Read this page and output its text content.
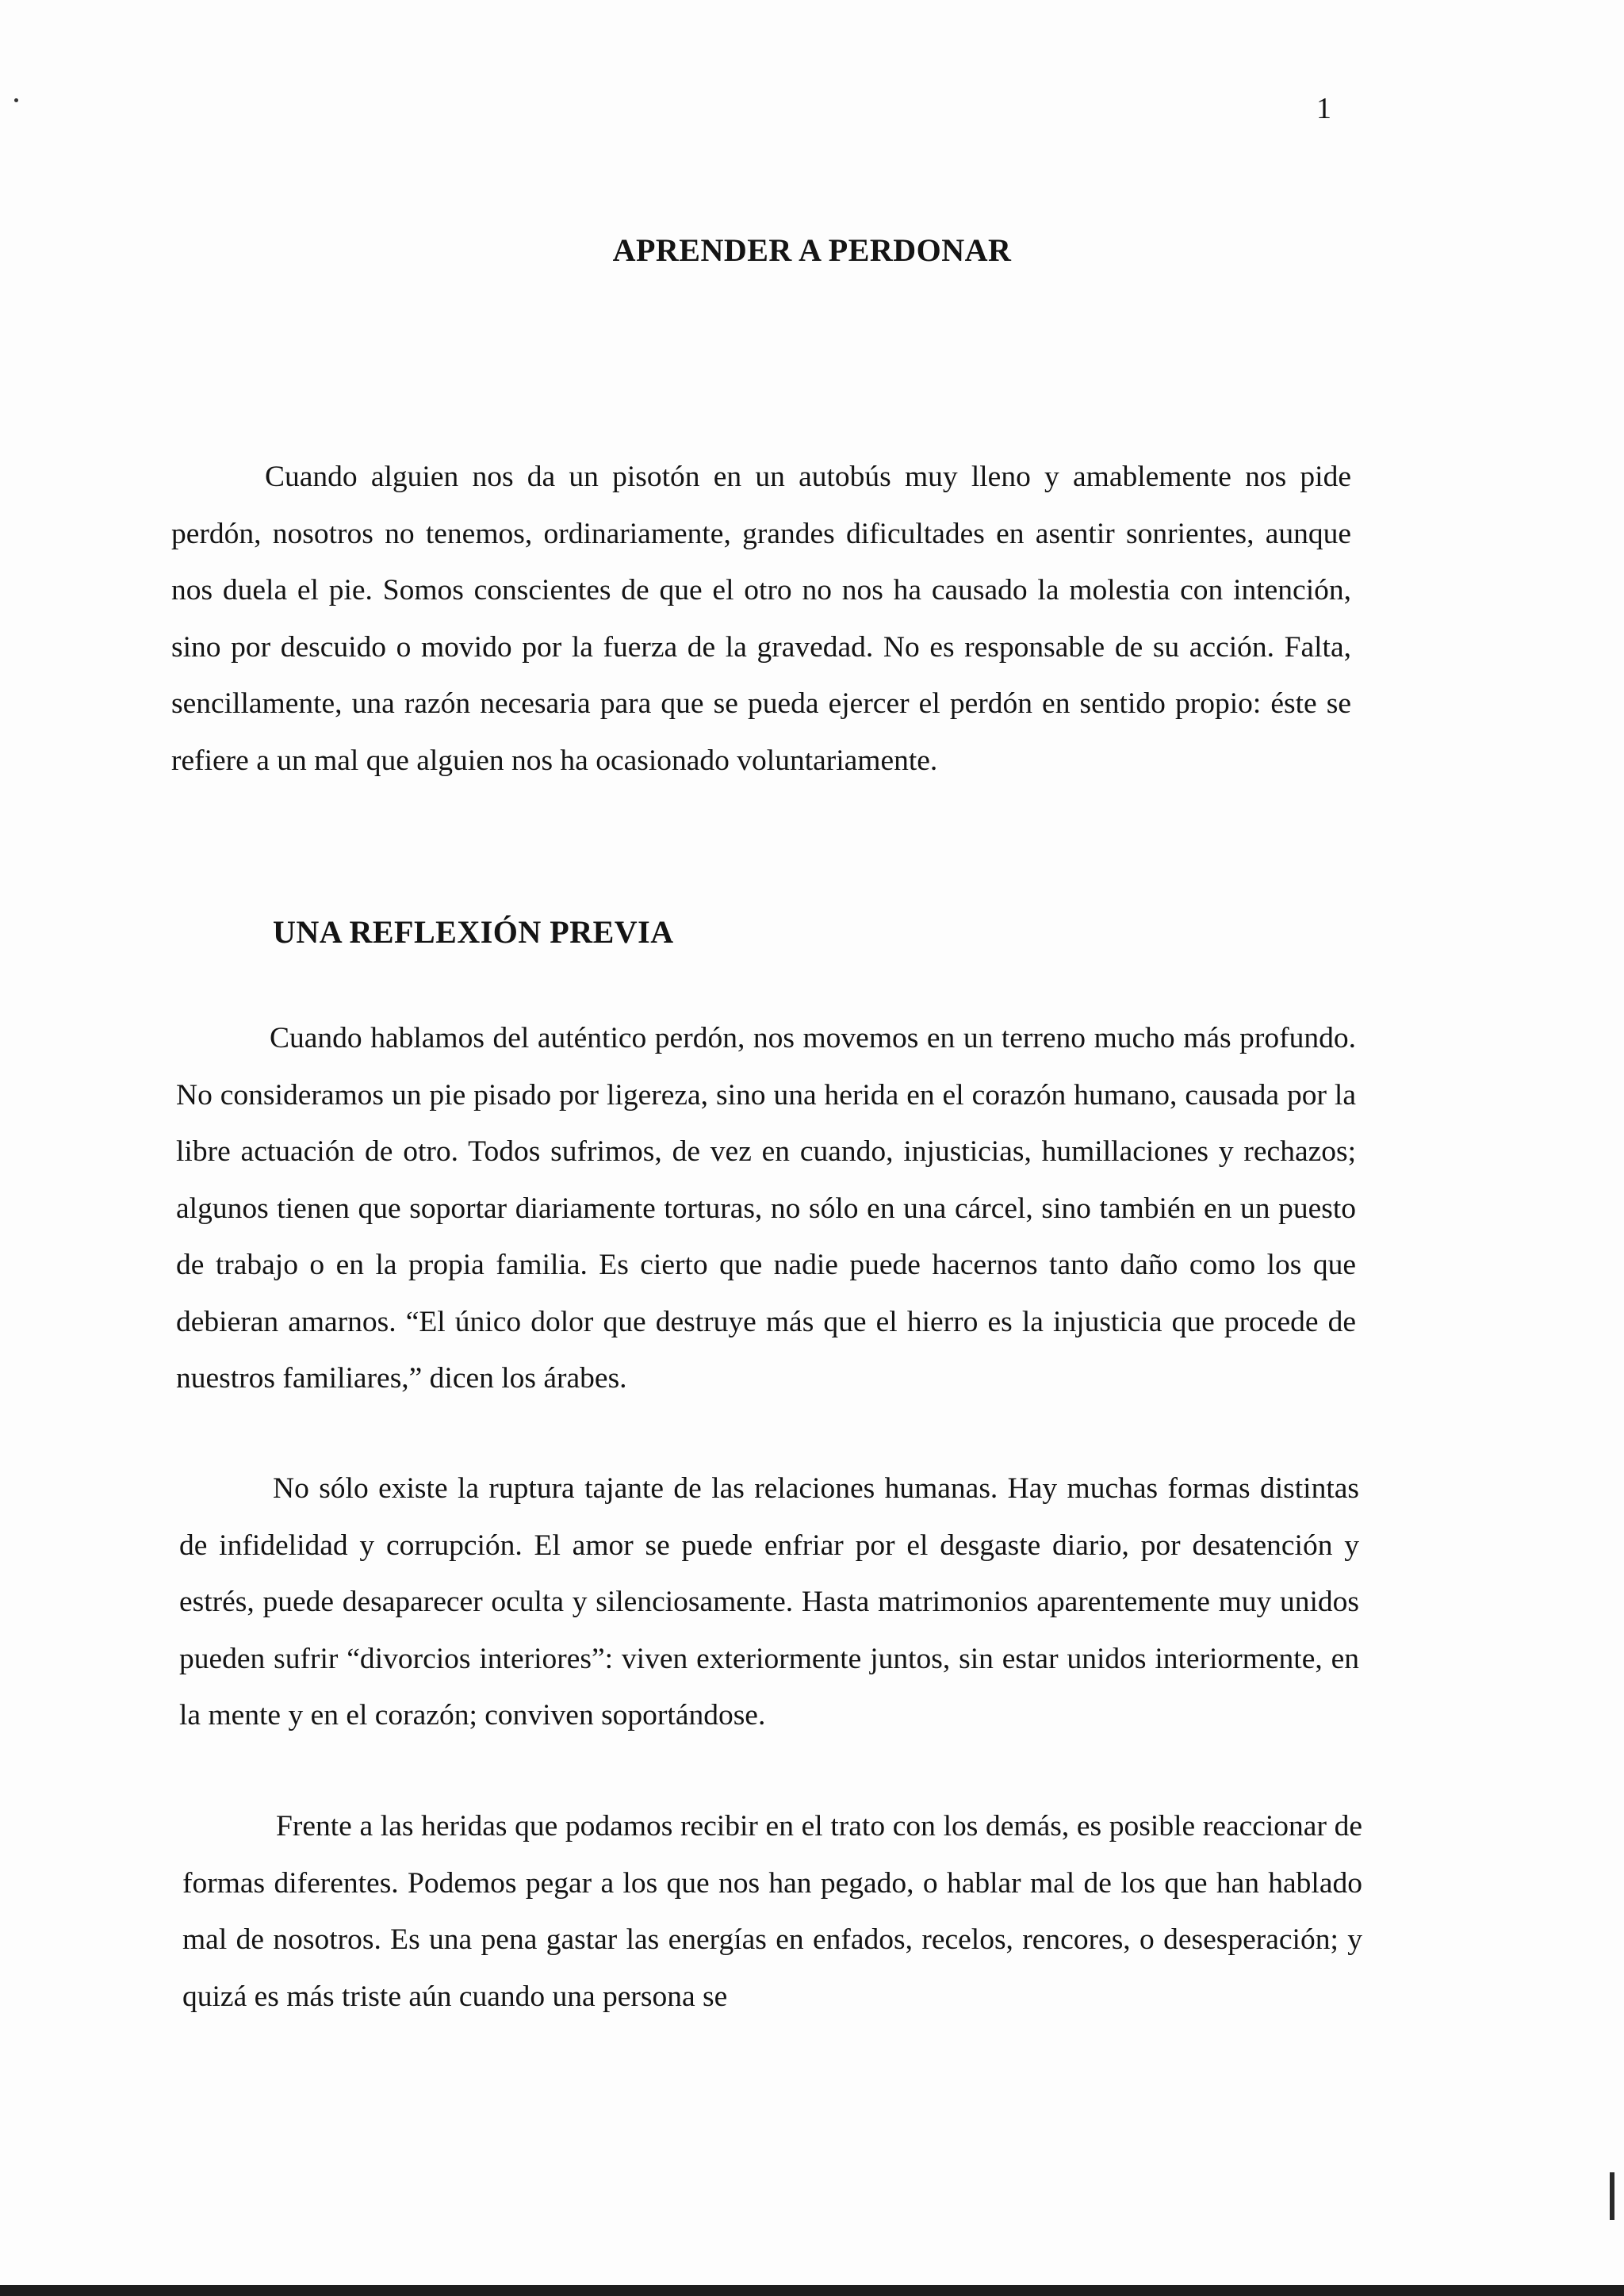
1
APRENDER A PERDONAR

Cuando alguien nos da un pisotón en un autobús muy lleno y amablemente nos pide perdón, nosotros no tenemos, ordinariamente, grandes dificultades en asentir sonrientes, aunque nos duela el pie. Somos conscientes de que el otro no nos ha causado la molestia con intención, sino por descuido o movido por la fuerza de la gravedad. No es responsable de su acción. Falta, sencillamente, una razón necesaria para que se pueda ejercer el perdón en sentido propio: éste se refiere a un mal que alguien nos ha ocasionado voluntariamente.

UNA REFLEXIÓN PREVIA

Cuando hablamos del auténtico perdón, nos movemos en un terreno mucho más profundo. No consideramos un pie pisado por ligereza, sino una herida en el corazón humano, causada por la libre actuación de otro. Todos sufrimos, de vez en cuando, injusticias, humillaciones y rechazos; algunos tienen que soportar diariamente torturas, no sólo en una cárcel, sino también en un puesto de trabajo o en la propia familia. Es cierto que nadie puede hacernos tanto daño como los que debieran amarnos. “El único dolor que destruye más que el hierro es la injusticia que procede de nuestros familiares,” dicen los árabes.

No sólo existe la ruptura tajante de las relaciones humanas. Hay muchas formas distintas de infidelidad y corrupción. El amor se puede enfriar por el desgaste diario, por desatención y estrés, puede desaparecer oculta y silenciosamente. Hasta matrimonios aparentemente muy unidos pueden sufrir “divorcios interiores”: viven exteriormente juntos, sin estar unidos interiormente, en la mente y en el corazón; conviven soportándose.

Frente a las heridas que podamos recibir en el trato con los demás, es posible reaccionar de formas diferentes. Podemos pegar a los que nos han pegado, o hablar mal de los que han hablado mal de nosotros. Es una pena gastar las energías en enfados, recelos, rencores, o desesperación; y quizá es más triste aún cuando una persona se
